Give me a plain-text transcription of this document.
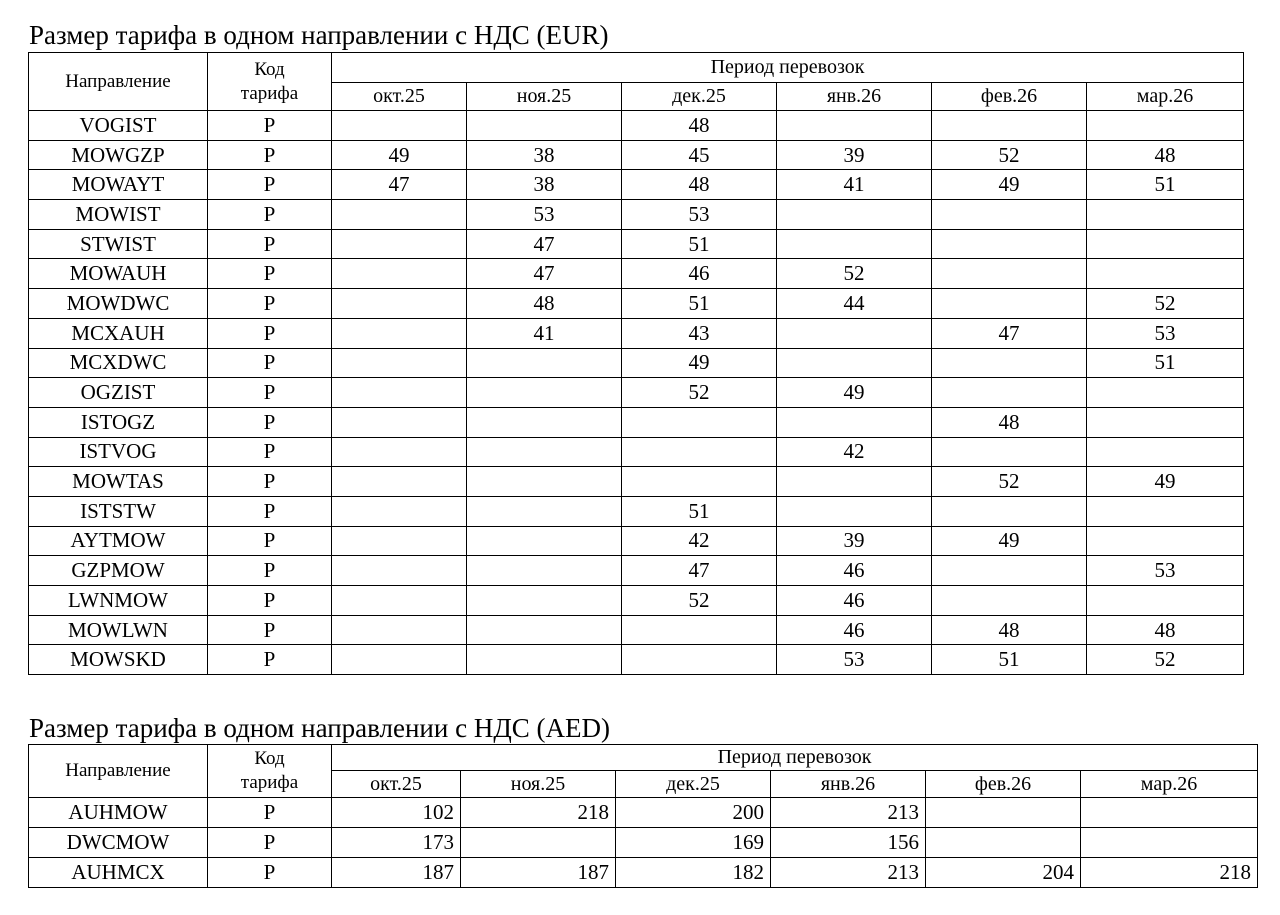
Размер тарифа в одном направлении с НДС (EUR)
Направление	Код
тарифа	Период перевозок					
		окт.25	ноя.25	дек.25	янв.26	фев.26	мар.26
VOGIST	P			48			
MOWGZP	P	49	38	45	39	52	48
MOWAYT	P	47	38	48	41	49	51
MOWIST	P		53	53			
STWIST	P		47	51			
MOWAUH	P		47	46	52		
MOWDWC	P		48	51	44		52
MCXAUH	P		41	43		47	53
MCXDWC	P			49			51
OGZIST	P			52	49		
ISTOGZ	P					48	
ISTVOG	P				42		
MOWTAS	P					52	49
ISTSTW	P			51			
AYTMOW	P			42	39	49	
GZPMOW	P			47	46		53
LWNMOW	P			52	46		
MOWLWN	P				46	48	48
MOWSKD	P				53	51	52
Размер тарифа в одном направлении с НДС (AED)
Направление	Код
тарифа	Период перевозок					
		окт.25	ноя.25	дек.25	янв.26	фев.26	мар.26
AUHMOW	P	102	218	200	213		
DWCMOW	P	173		169	156		
AUHMCX	P	187	187	182	213	204	218
